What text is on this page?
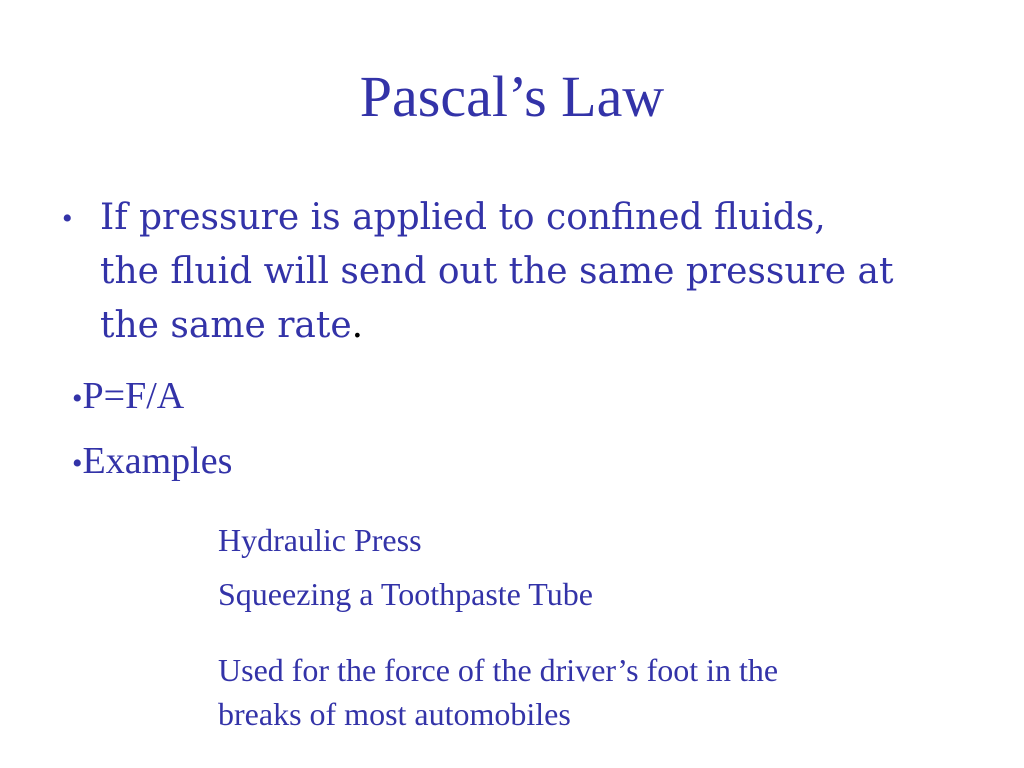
Pascal’s Law
• If pressure is applied to confined fluids,
the fluid will send out the same pressure at
the same rate.
•P=F/A
•Examples
Hydraulic Press
Squeezing a Toothpaste Tube
Used for the force of the driver’s foot in the
breaks of most automobiles
